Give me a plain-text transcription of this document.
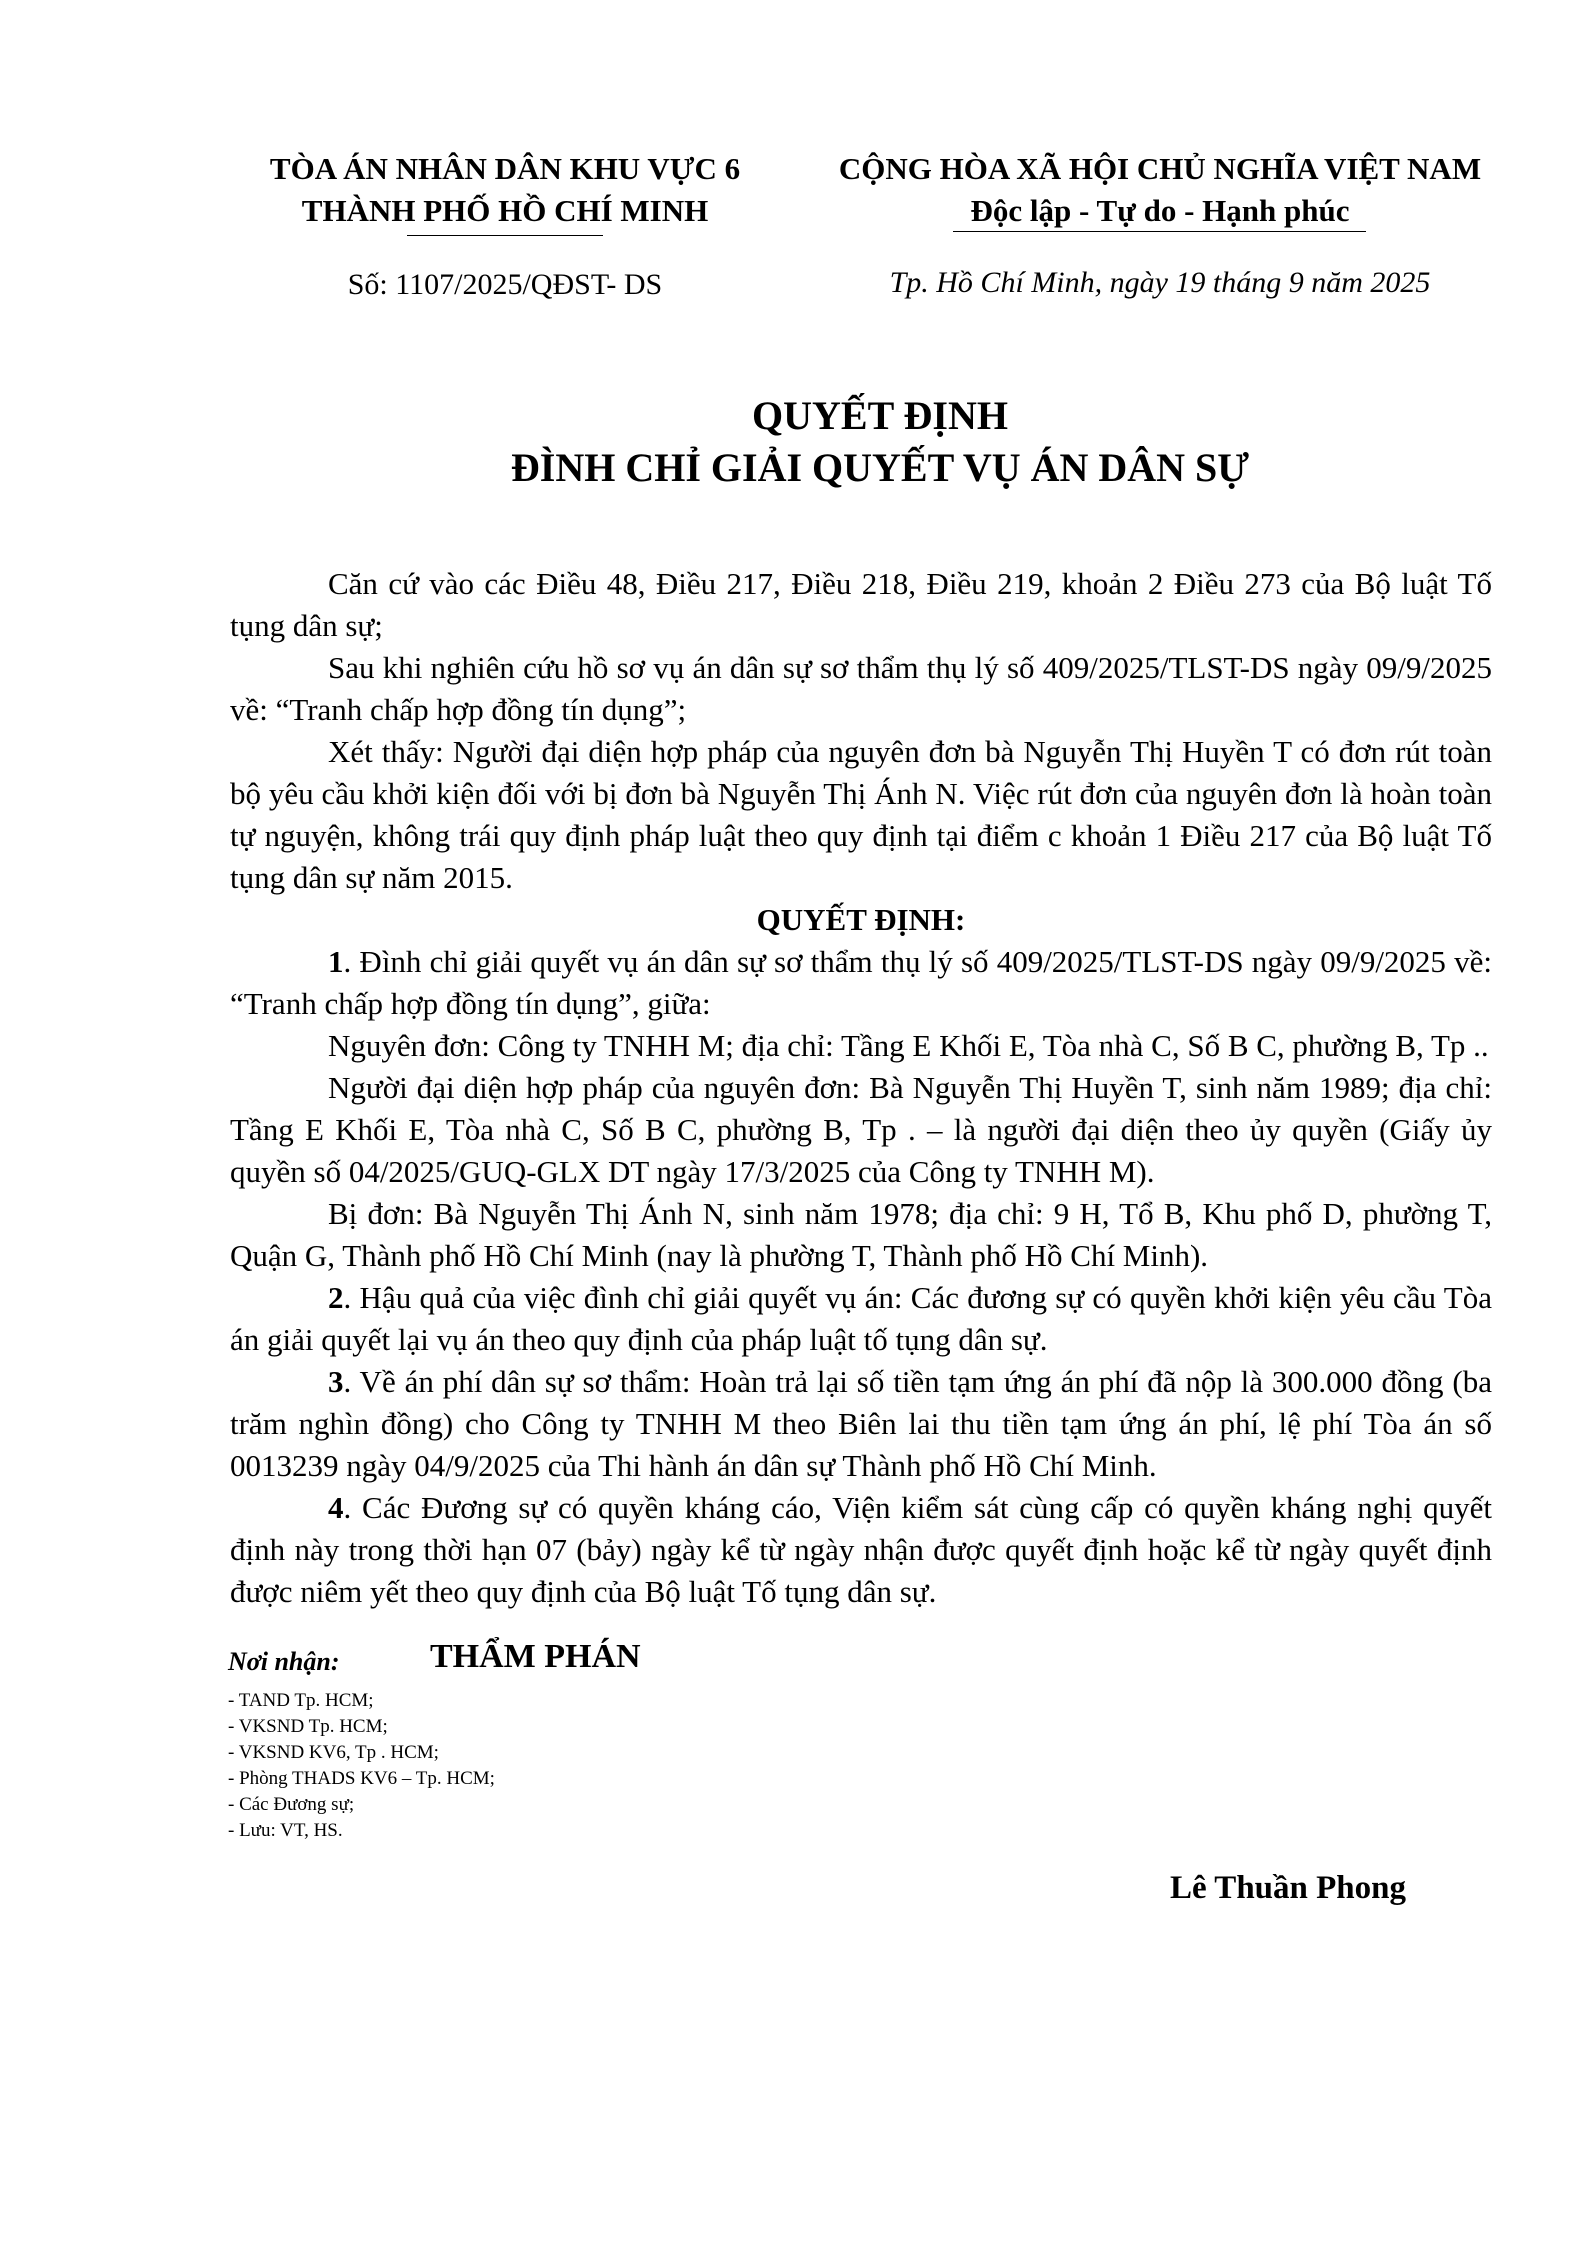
TÒA ÁN NHÂN DÂN KHU VỰC 6
THÀNH PHỐ HỒ CHÍ MINH
CỘNG HÒA XÃ HỘI CHỦ NGHĨA VIỆT NAM
Độc lập - Tự do - Hạnh phúc
Số: 1107/2025/QĐST- DS	Tp. Hồ Chí Minh, ngày 19 tháng 9 năm 2025
QUYẾT ĐỊNH
ĐÌNH CHỈ GIẢI QUYẾT VỤ ÁN DÂN SỰ

Căn cứ vào các Điều 48, Điều 217, Điều 218, Điều 219, khoản 2 Điều 273 của Bộ luật Tố tụng dân sự;

Sau khi nghiên cứu hồ sơ vụ án dân sự sơ thẩm thụ lý số 409/2025/TLST-DS ngày 09/9/2025 về: “Tranh chấp hợp đồng tín dụng”;

Xét thấy: Người đại diện hợp pháp của nguyên đơn bà Nguyễn Thị Huyền T có đơn rút toàn bộ yêu cầu khởi kiện đối với bị đơn bà Nguyễn Thị Ánh N. Việc rút đơn của nguyên đơn là hoàn toàn tự nguyện, không trái quy định pháp luật theo quy định tại điểm c khoản 1 Điều 217 của Bộ luật Tố tụng dân sự năm 2015.

QUYẾT ĐỊNH:

1. Đình chỉ giải quyết vụ án dân sự sơ thẩm thụ lý số 409/2025/TLST-DS ngày 09/9/2025 về: “Tranh chấp hợp đồng tín dụng”, giữa:

Nguyên đơn: Công ty TNHH M; địa chỉ: Tầng E Khối E, Tòa nhà C, Số B C, phường B, Tp ..

Người đại diện hợp pháp của nguyên đơn: Bà Nguyễn Thị Huyền T, sinh năm 1989; địa chỉ: Tầng E Khối E, Tòa nhà C, Số B C, phường B, Tp . – là người đại diện theo ủy quyền (Giấy ủy quyền số 04/2025/GUQ-GLX DT ngày 17/3/2025 của Công ty TNHH M).

Bị đơn: Bà Nguyễn Thị Ánh N, sinh năm 1978; địa chỉ: 9 H, Tổ B, Khu phố D, phường T, Quận G, Thành phố Hồ Chí Minh (nay là phường T, Thành phố Hồ Chí Minh).

2. Hậu quả của việc đình chỉ giải quyết vụ án: Các đương sự có quyền khởi kiện yêu cầu Tòa án giải quyết lại vụ án theo quy định của pháp luật tố tụng dân sự.

3. Về án phí dân sự sơ thẩm: Hoàn trả lại số tiền tạm ứng án phí đã nộp là 300.000 đồng (ba trăm nghìn đồng) cho Công ty TNHH M theo Biên lai thu tiền tạm ứng án phí, lệ phí Tòa án số 0013239 ngày 04/9/2025 của Thi hành án dân sự Thành phố Hồ Chí Minh.

4. Các Đương sự có quyền kháng cáo, Viện kiểm sát cùng cấp có quyền kháng nghị quyết định này trong thời hạn 07 (bảy) ngày kể từ ngày nhận được quyết định hoặc kể từ ngày quyết định được niêm yết theo quy định của Bộ luật Tố tụng dân sự.

Nơi nhận:	THẨM PHÁN
- TAND Tp. HCM;
- VKSND Tp. HCM;
- VKSND KV6, Tp . HCM;
- Phòng THADS KV6 – Tp. HCM;
- Các Đương sự;
- Lưu: VT, HS.
Lê Thuần Phong
